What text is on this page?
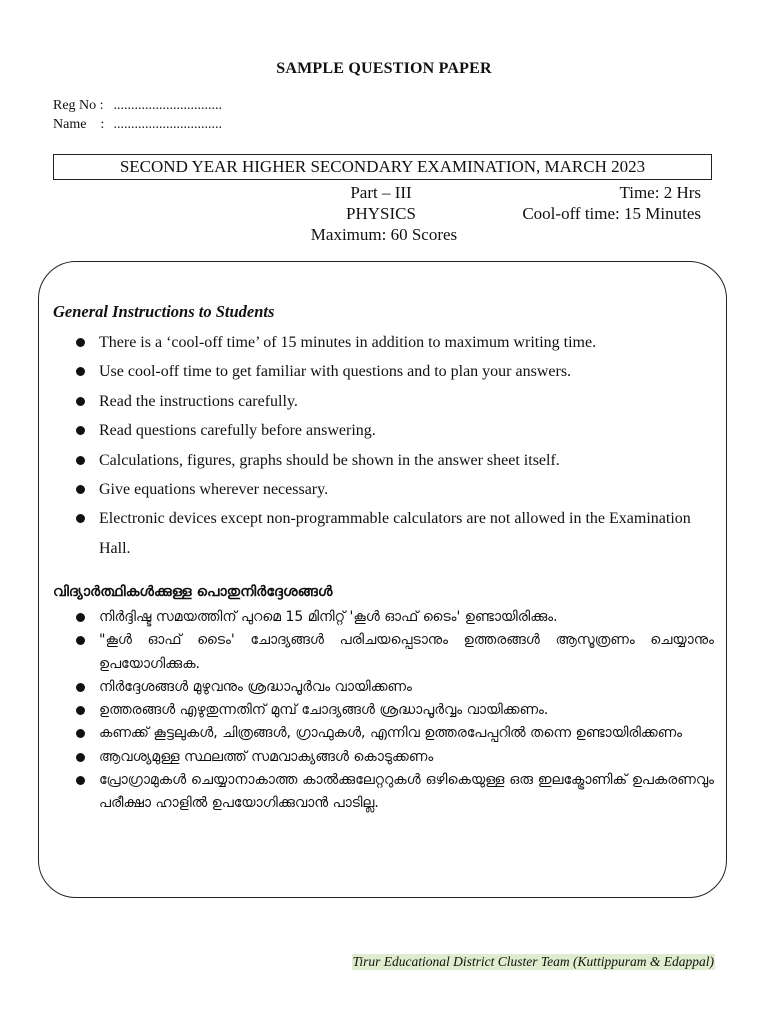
SAMPLE QUESTION PAPER
Reg No : ...............................
Name    : ...............................
SECOND YEAR HIGHER SECONDARY EXAMINATION, MARCH 2023
Part – III
PHYSICS
Maximum: 60 Scores
Time: 2 Hrs
Cool-off time: 15 Minutes
General Instructions to Students
There is a ‘cool-off time’ of 15 minutes in addition to maximum writing time.
Use cool-off time to get familiar with questions and to plan your answers.
Read the instructions carefully.
Read questions carefully before answering.
Calculations, figures, graphs should be shown in the answer sheet itself.
Give equations wherever necessary.
Electronic devices except non-programmable calculators are not allowed in the Examination Hall.
വിദ്യാർത്ഥികൾക്കുള്ള പൊതുനിർദ്ദേശങ്ങൾ
നിർദ്ദിഷ്ട സമയത്തിന് പുറമെ 15 മിനിറ്റ് 'കൂൾ ഓഫ് ടൈം' ഉണ്ടായിരിക്കും.
"കൂൾ ഓഫ് ടൈം' ചോദ്യങ്ങൾ പരിചയപ്പെടാനും ഉത്തരങ്ങൾ ആസൂത്രണം ചെയ്യാനും ഉപയോഗിക്കുക.
നിർദ്ദേശങ്ങൾ മുഴുവനും ശ്രദ്ധാപൂർവം വായിക്കണം
ഉത്തരങ്ങൾ എഴുതുന്നതിന് മുമ്പ് ചോദ്യങ്ങൾ ശ്രദ്ധാപൂർവ്വം വായിക്കണം.
കണക്ക് കൂട്ടലുകൾ, ചിത്രങ്ങൾ, ഗ്രാഫുകൾ, എന്നിവ ഉത്തരപേപ്പറിൽ തന്നെ ഉണ്ടായിരിക്കണം
ആവശ്യമുള്ള സ്ഥലത്ത് സമവാക്യങ്ങൾ കൊടുക്കണം
പ്രോഗ്രാമുകൾ ചെയ്യാനാകാത്ത കാൽക്കുലേറ്ററുകൾ ഒഴികെയുള്ള ഒരു ഇലക്ട്രോണിക് ഉപകരണവും പരീക്ഷാ ഹാളിൽ ഉപയോഗിക്കുവാൻ പാടില്ല.
Tirur Educational District Cluster Team (Kuttippuram & Edappal)
